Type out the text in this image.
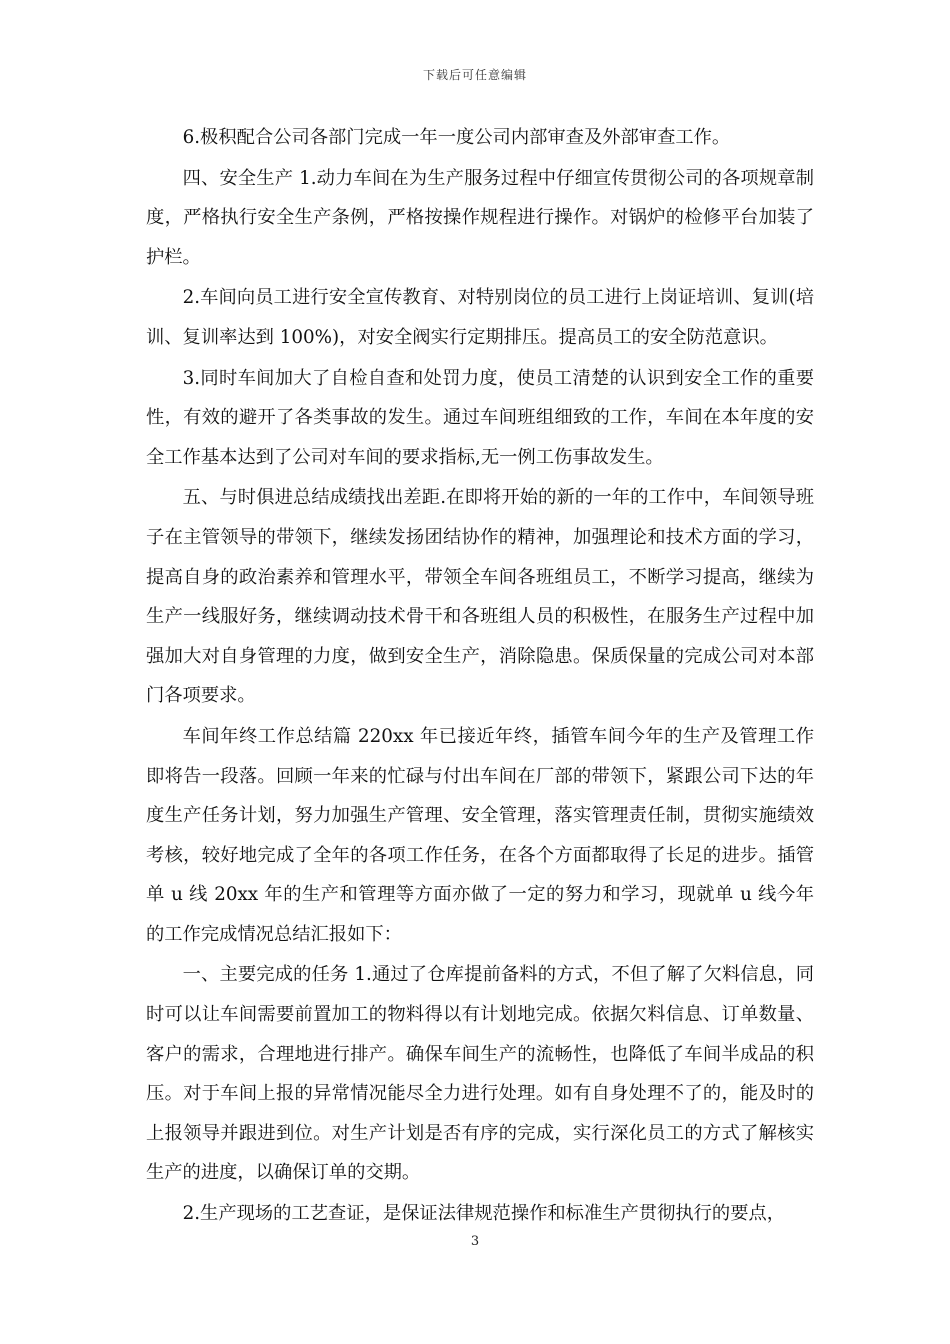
下载后可任意编辑

6.极积配合公司各部门完成一年一度公司内部审查及外部审查工作。

四、安全生产 1.动力车间在为生产服务过程中仔细宣传贯彻公司的各项规章制度，严格执行安全生产条例，严格按操作规程进行操作。对锅炉的检修平台加装了护栏。

2.车间向员工进行安全宣传教育、对特别岗位的员工进行上岗证培训、复训(培训、复训率达到 100%)，对安全阀实行定期排压。提高员工的安全防范意识。

3.同时车间加大了自检自查和处罚力度，使员工清楚的认识到安全工作的重要性，有效的避开了各类事故的发生。通过车间班组细致的工作，车间在本年度的安全工作基本达到了公司对车间的要求指标,无一例工伤事故发生。

五、与时俱进总结成绩找出差距.在即将开始的新的一年的工作中，车间领导班子在主管领导的带领下，继续发扬团结协作的精神，加强理论和技术方面的学习，提高自身的政治素养和管理水平，带领全车间各班组员工，不断学习提高，继续为生产一线服好务，继续调动技术骨干和各班组人员的积极性，在服务生产过程中加强加大对自身管理的力度，做到安全生产，消除隐患。保质保量的完成公司对本部门各项要求。

车间年终工作总结篇 220xx 年已接近年终，插管车间今年的生产及管理工作即将告一段落。回顾一年来的忙碌与付出车间在厂部的带领下，紧跟公司下达的年度生产任务计划，努力加强生产管理、安全管理，落实管理责任制，贯彻实施绩效考核，较好地完成了全年的各项工作任务，在各个方面都取得了长足的进步。插管单 u 线 20xx 年的生产和管理等方面亦做了一定的努力和学习，现就单 u 线今年的工作完成情况总结汇报如下：

一、主要完成的任务 1.通过了仓库提前备料的方式，不但了解了欠料信息，同时可以让车间需要前置加工的物料得以有计划地完成。依据欠料信息、订单数量、客户的需求，合理地进行排产。确保车间生产的流畅性，也降低了车间半成品的积压。对于车间上报的异常情况能尽全力进行处理。如有自身处理不了的，能及时的上报领导并跟进到位。对生产计划是否有序的完成，实行深化员工的方式了解核实生产的进度，以确保订单的交期。

2.生产现场的工艺查证，是保证法律规范操作和标准生产贯彻执行的要点，

3
